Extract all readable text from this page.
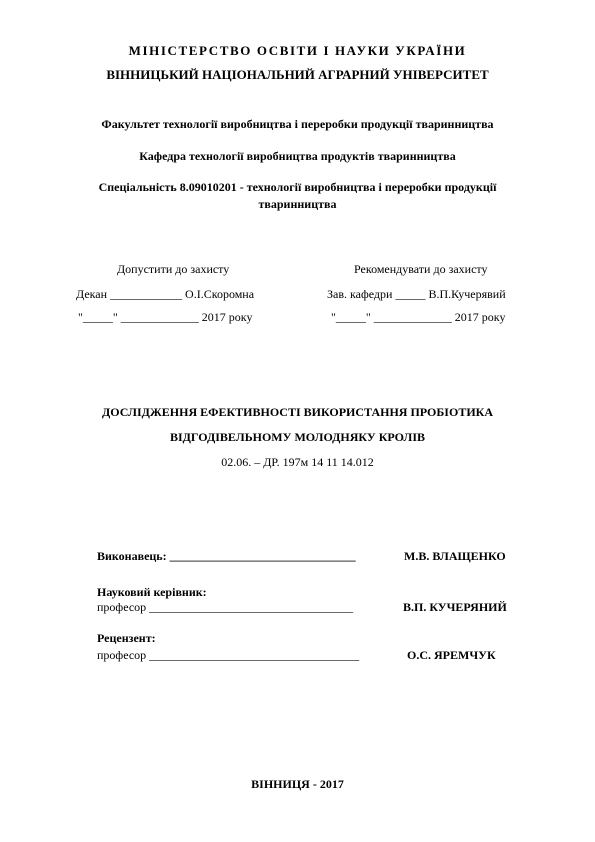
МІНІСТЕРСТВО ОСВІТИ І НАУКИ УКРАЇНИ
ВІННИЦЬКИЙ НАЦІОНАЛЬНИЙ АГРАРНИЙ УНІВЕРСИТЕТ
Факультет технології виробництва і переробки продукції тваринництва
Кафедра технології виробництва продуктів тваринництва
Спеціальність 8.09010201 - технології виробництва і переробки продукції
тваринництва
Допустити до захисту
Декан ____________ О.І.Скоромна
"_____" _____________ 2017 року
Рекомендувати до захисту
Зав. кафедри _____ В.П.Кучерявий
"_____" _____________ 2017 року
ДОСЛІДЖЕННЯ ЕФЕКТИВНОСТІ ВИКОРИСТАННЯ ПРОБІОТИКА
ВІДГОДІВЕЛЬНОМУ МОЛОДНЯКУ КРОЛІВ
02.06. – ДР. 197м 14 11 14.012
Виконавець: _______________________________	М.В. ВЛАЩЕНКО
Науковий керівник:
професор __________________________________	В.П. КУЧЕРЯНИЙ
Рецензент:
професор ___________________________________	О.С. ЯРЕМЧУК
ВІННИЦЯ - 2017
